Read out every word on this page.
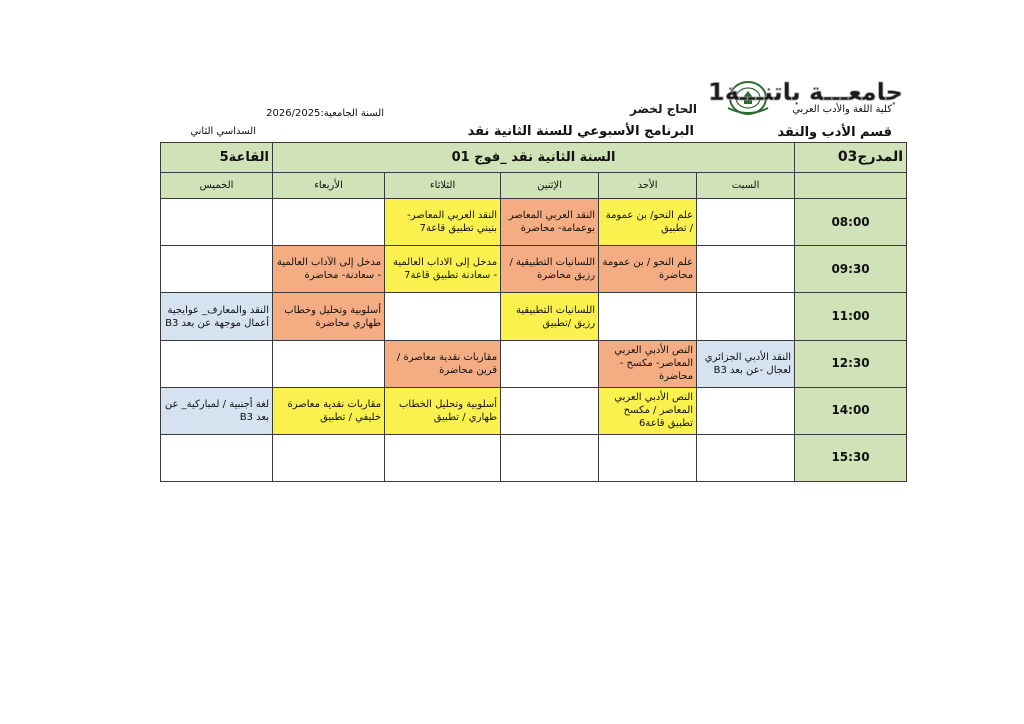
جامعـــة باتنـــة1
الحاج لخضر	كلية اللغة والأدب العربي
قسم الأدب والنقد
البرنامج الأسبوعي للسنة الثانية نقد
السنة الجامعية:2026/2025
السداسي الثاني
المدرج03	السنة الثانية نقد _فوج 01					القاعة5
	السبت	الأحد	الإثنين	الثلاثاء	الأربعاء	الخميس
08:00		علم النحو/ بن عمومة / تطبيق	النقد العربي المعاصر بوعمامة- محاضرة	النقد العربي المعاصر- بنيني تطبيق قاعة7		
09:30		علم النحو / بن عمومة محاضرة	اللسانيات التطبيقية / رزيق محاضرة	مدخل إلى الاداب العالمية - سعادنة تطبيق قاعة7	مدخل إلى الآداب العالمية - سعادنة- محاضرة	
11:00			اللسانيات التطبيقية رزيق /تطبيق		أسلوبية وتحليل وخطاب طهاري محاضرة	النقد والمعارف_ عوايجية أعمال موجهة عن بعد B3
12:30	النقد الأدبي الجزائري لعجال -عن بعد B3	النص الأدبي العربي المعاصر- مكسح - محاضرة		مقاربات نقدية معاصرة / قرين محاضرة		
14:00		النص الأدبي العربي المعاصر / مكسح تطبيق قاعة6		أسلوبية وتحليل الخطاب طهاري / تطبيق	مقاربات نقدية معاصرة خليفي / تطبيق	لغة أجنبية / لمباركية_ عن بعد B3
15:30						
